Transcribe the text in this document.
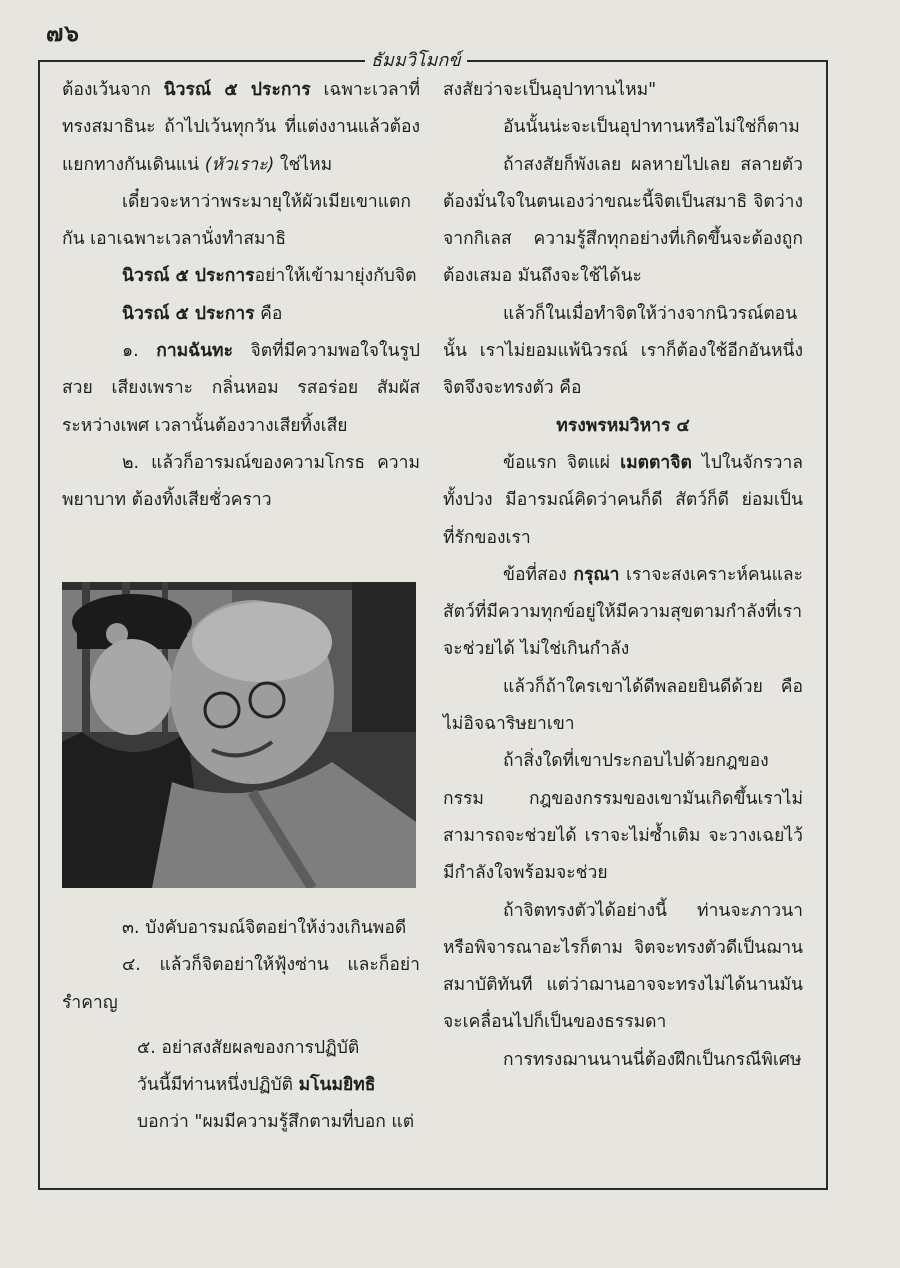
๗๖
ธัมมวิโมกข์

ต้องเว้นจาก นิวรณ์ ๕ ประการ เฉพาะเวลาที่ทรงสมาธินะ ถ้าไปเว้นทุกวัน ที่แต่งงานแล้วต้องแยกทางกันเดินแน่ (หัวเราะ) ใช่ไหม

เดี๋ยวจะหาว่าพระมายุให้ผัวเมียเขาแตกกัน เอาเฉพาะเวลานั่งทำสมาธิ

นิวรณ์ ๕ ประการอย่าให้เข้ามายุ่งกับจิต

นิวรณ์ ๕ ประการ คือ

๑. กามฉันทะ จิตที่มีความพอใจในรูปสวย เสียงเพราะ กลิ่นหอม รสอร่อย สัมผัสระหว่างเพศ เวลานั้นต้องวางเสียทิ้งเสีย

๒. แล้วก็อารมณ์ของความโกรธ ความพยาบาท ต้องทิ้งเสียชั่วคราว

๓. บังคับอารมณ์จิตอย่าให้ง่วงเกินพอดี

๔. แล้วก็จิตอย่าให้ฟุ้งซ่าน และก็อย่ารำคาญ

๕. อย่าสงสัยผลของการปฏิบัติ

วันนี้มีท่านหนึ่งปฏิบัติ มโนมยิทธิ

บอกว่า "ผมมีความรู้สึกตามที่บอก แต่

สงสัยว่าจะเป็นอุปาทานไหม"

อันนั้นน่ะจะเป็นอุปาทานหรือไม่ใช่ก็ตาม

ถ้าสงสัยก็พังเลย ผลหายไปเลย สลายตัว ต้องมั่นใจในตนเองว่าขณะนี้จิตเป็นสมาธิ จิตว่างจากกิเลส ความรู้สึกทุกอย่างที่เกิดขึ้นจะต้องถูกต้องเสมอ มันถึงจะใช้ได้นะ

แล้วก็ในเมื่อทำจิตให้ว่างจากนิวรณ์ตอนนั้น เราไม่ยอมแพ้นิวรณ์ เราก็ต้องใช้อีกอันหนึ่งจิตจึงจะทรงตัว คือ

ทรงพรหมวิหาร ๔

ข้อแรก จิตแผ่ เมตตาจิต ไปในจักรวาลทั้งปวง มีอารมณ์คิดว่าคนก็ดี สัตว์ก็ดี ย่อมเป็นที่รักของเรา

ข้อที่สอง กรุณา เราจะสงเคราะห์คนและสัตว์ที่มีความทุกข์อยู่ให้มีความสุขตามกำลังที่เราจะช่วยได้ ไม่ใช่เกินกำลัง

แล้วก็ถ้าใครเขาได้ดีพลอยยินดีด้วย คือไม่อิจฉาริษยาเขา

ถ้าสิ่งใดที่เขาประกอบไปด้วยกฎของกรรม กฎของกรรมของเขามันเกิดขึ้นเราไม่สามารถจะช่วยได้ เราจะไม่ซ้ำเติม จะวางเฉยไว้ มีกำลังใจพร้อมจะช่วย

ถ้าจิตทรงตัวได้อย่างนี้ ท่านจะภาวนาหรือพิจารณาอะไรก็ตาม จิตจะทรงตัวดีเป็นฌานสมาบัติทันที แต่ว่าฌานอาจจะทรงไม่ได้นานมันจะเคลื่อนไปก็เป็นของธรรมดา

การทรงฌานนานนี่ต้องฝึกเป็นกรณีพิเศษ
